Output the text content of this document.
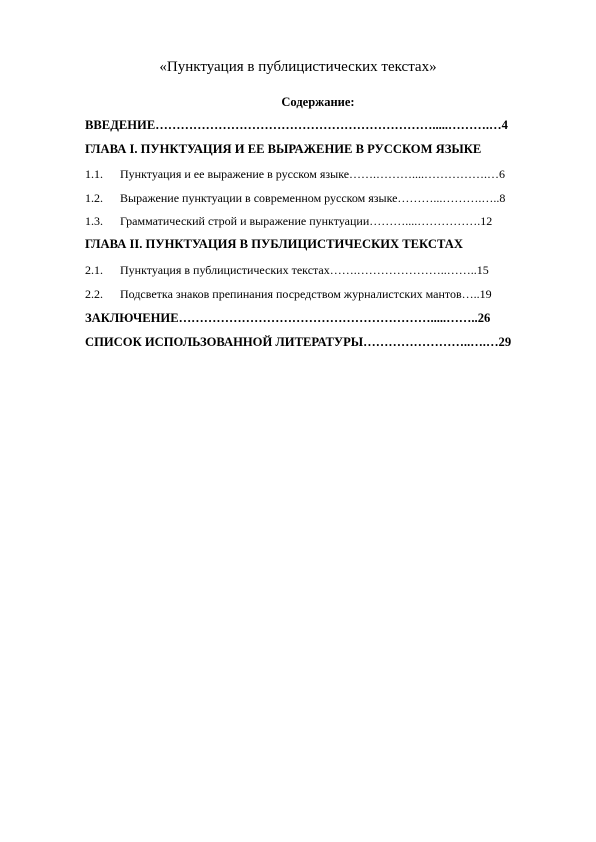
«Пунктуация в публицистических текстах»
Содержание:
ВВЕДЕНИЕ………………………………………………………….....……….…4
ГЛАВА I. ПУНКТУАЦИЯ И ЕЕ ВЫРАЖЕНИЕ В РУССКОМ ЯЗЫКЕ
1.1. Пунктуация и ее выражение в русском языке…….………....…………….…6
1.2. Выражение пунктуации в современном русском языке………...……….…..8
1.3. Грамматический строй и выражение пунктуации………....…………….12
ГЛАВА II. ПУНКТУАЦИЯ В ПУБЛИЦИСТИЧЕСКИХ ТЕКСТАХ
2.1. Пунктуация в публицистических текстах…….…………………..……..15
2.2. Подсветка знаков препинания посредством журналистских мантов…..19
ЗАКЛЮЧЕНИЕ…………………………………………………….....……..26
СПИСОК ИСПОЛЬЗОВАННОЙ ЛИТЕРАТУРЫ……………………..….…29
